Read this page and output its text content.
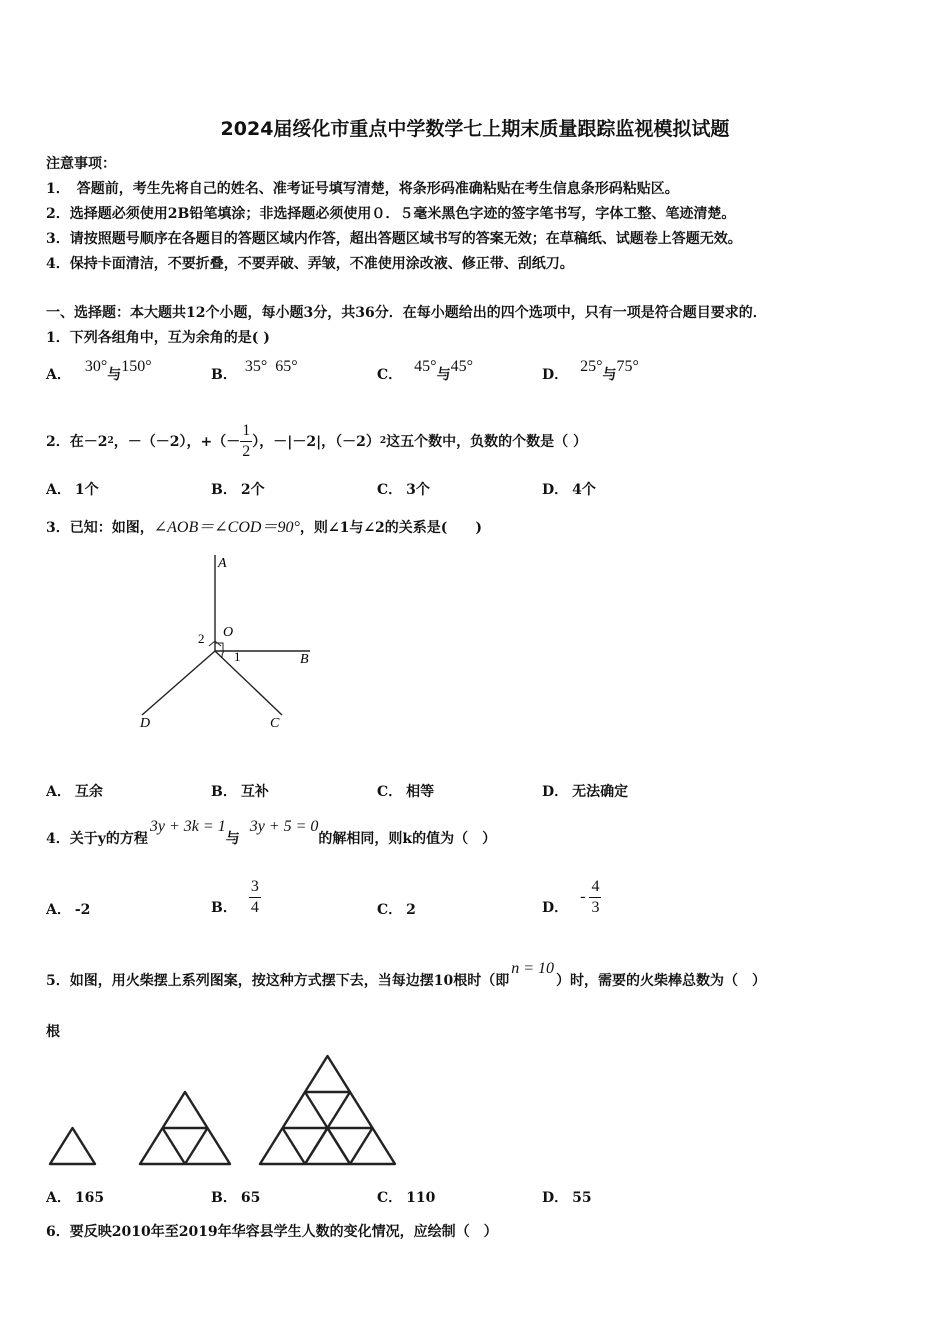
2024届绥化市重点中学数学七上期末质量跟踪监视模拟试题
注意事项：
1．　答题前，考生先将自己的姓名、准考证号填写清楚，将条形码准确粘贴在考生信息条形码粘贴区。
2．选择题必须使用2B铅笔填涂；非选择题必须使用０．５毫米黑色字迹的签字笔书写，字体工整、笔迹清楚。
3．请按照题号顺序在各题目的答题区域内作答，超出答题区域书写的答案无效；在草稿纸、试题卷上答题无效。
4．保持卡面清洁，不要折叠，不要弄破、弄皱，不准使用涂改液、修正带、刮纸刀。
一、选择题：本大题共12个小题，每小题3分，共36分．在每小题给出的四个选项中，只有一项是符合题目要求的．
1．下列各组角中，互为余角的是( )
A． 30°与150°	B． 35° 65°	C． 45°与45°	D． 25°与75°
2．在－2 2 ，－（－2），+（－ $\frac{1}{2}$ ），－|－2|，（－2） 2 这五个数中，负数的个数是（ ）
A． 1个	B． 2个	C． 3个	D． 4个
3．已知：如图，∠AOB＝∠COD＝90°，则∠1与∠2的关系是(　　)
A
O
B
C
D
1
2
A． 互余	B． 互补	C． 相等	D． 无法确定
4．关于y的方程3y + 3k = 1与3y + 5 = 0的解相同，则k的值为（　）
A． -2	B． $\frac{3}{4}$	C． 2	D．
- $\frac{4}{3}$
5．如图，用火柴摆上系列图案，按这种方式摆下去，当每边摆10根时（即n = 10）时，需要的火柴棒总数为（　）
根
A． 165	B． 65	C． 110	D． 55
6．要反映2010年至2019年华容县学生人数的变化情况，应绘制（　）
